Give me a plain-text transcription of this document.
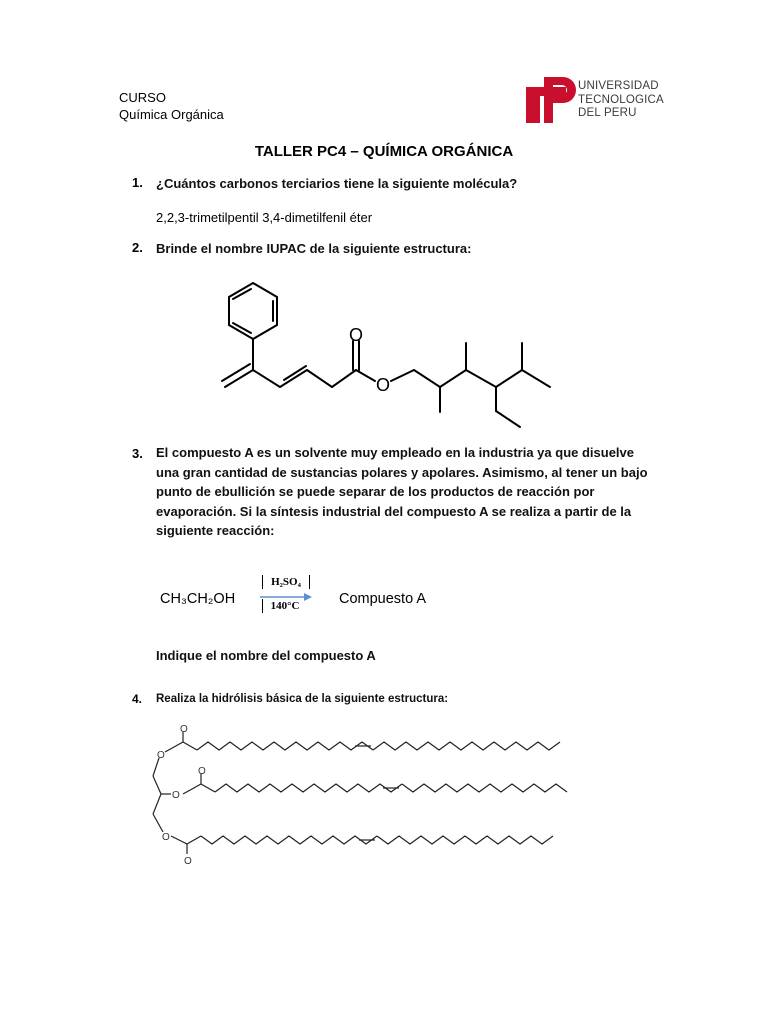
CURSO
Química Orgánica
UNIVERSIDAD
TECNOLOGICA
DEL PERU
TALLER PC4 – QUÍMICA ORGÁNICA
1. ¿Cuántos carbonos terciarios tiene la siguiente molécula?
2,2,3-trimetilpentil 3,4-dimetilfenil éter
2. Brinde el nombre IUPAC de la siguiente estructura:
O
O
3. El compuesto A es un solvente muy empleado en la industria ya que disuelve
una gran cantidad de sustancias polares y apolares. Asimismo, al tener un bajo
punto de ebullición se puede separar de los productos de reacción por
evaporación. Si la síntesis industrial del compuesto A se realiza a partir de la
siguiente reacción:
CH₃CH₂OH
H₂SO₄
140°C	Compuesto A
Indique el nombre del compuesto A
4. Realiza la hidrólisis básica de la siguiente estructura:
O
O
O
O
O
O
